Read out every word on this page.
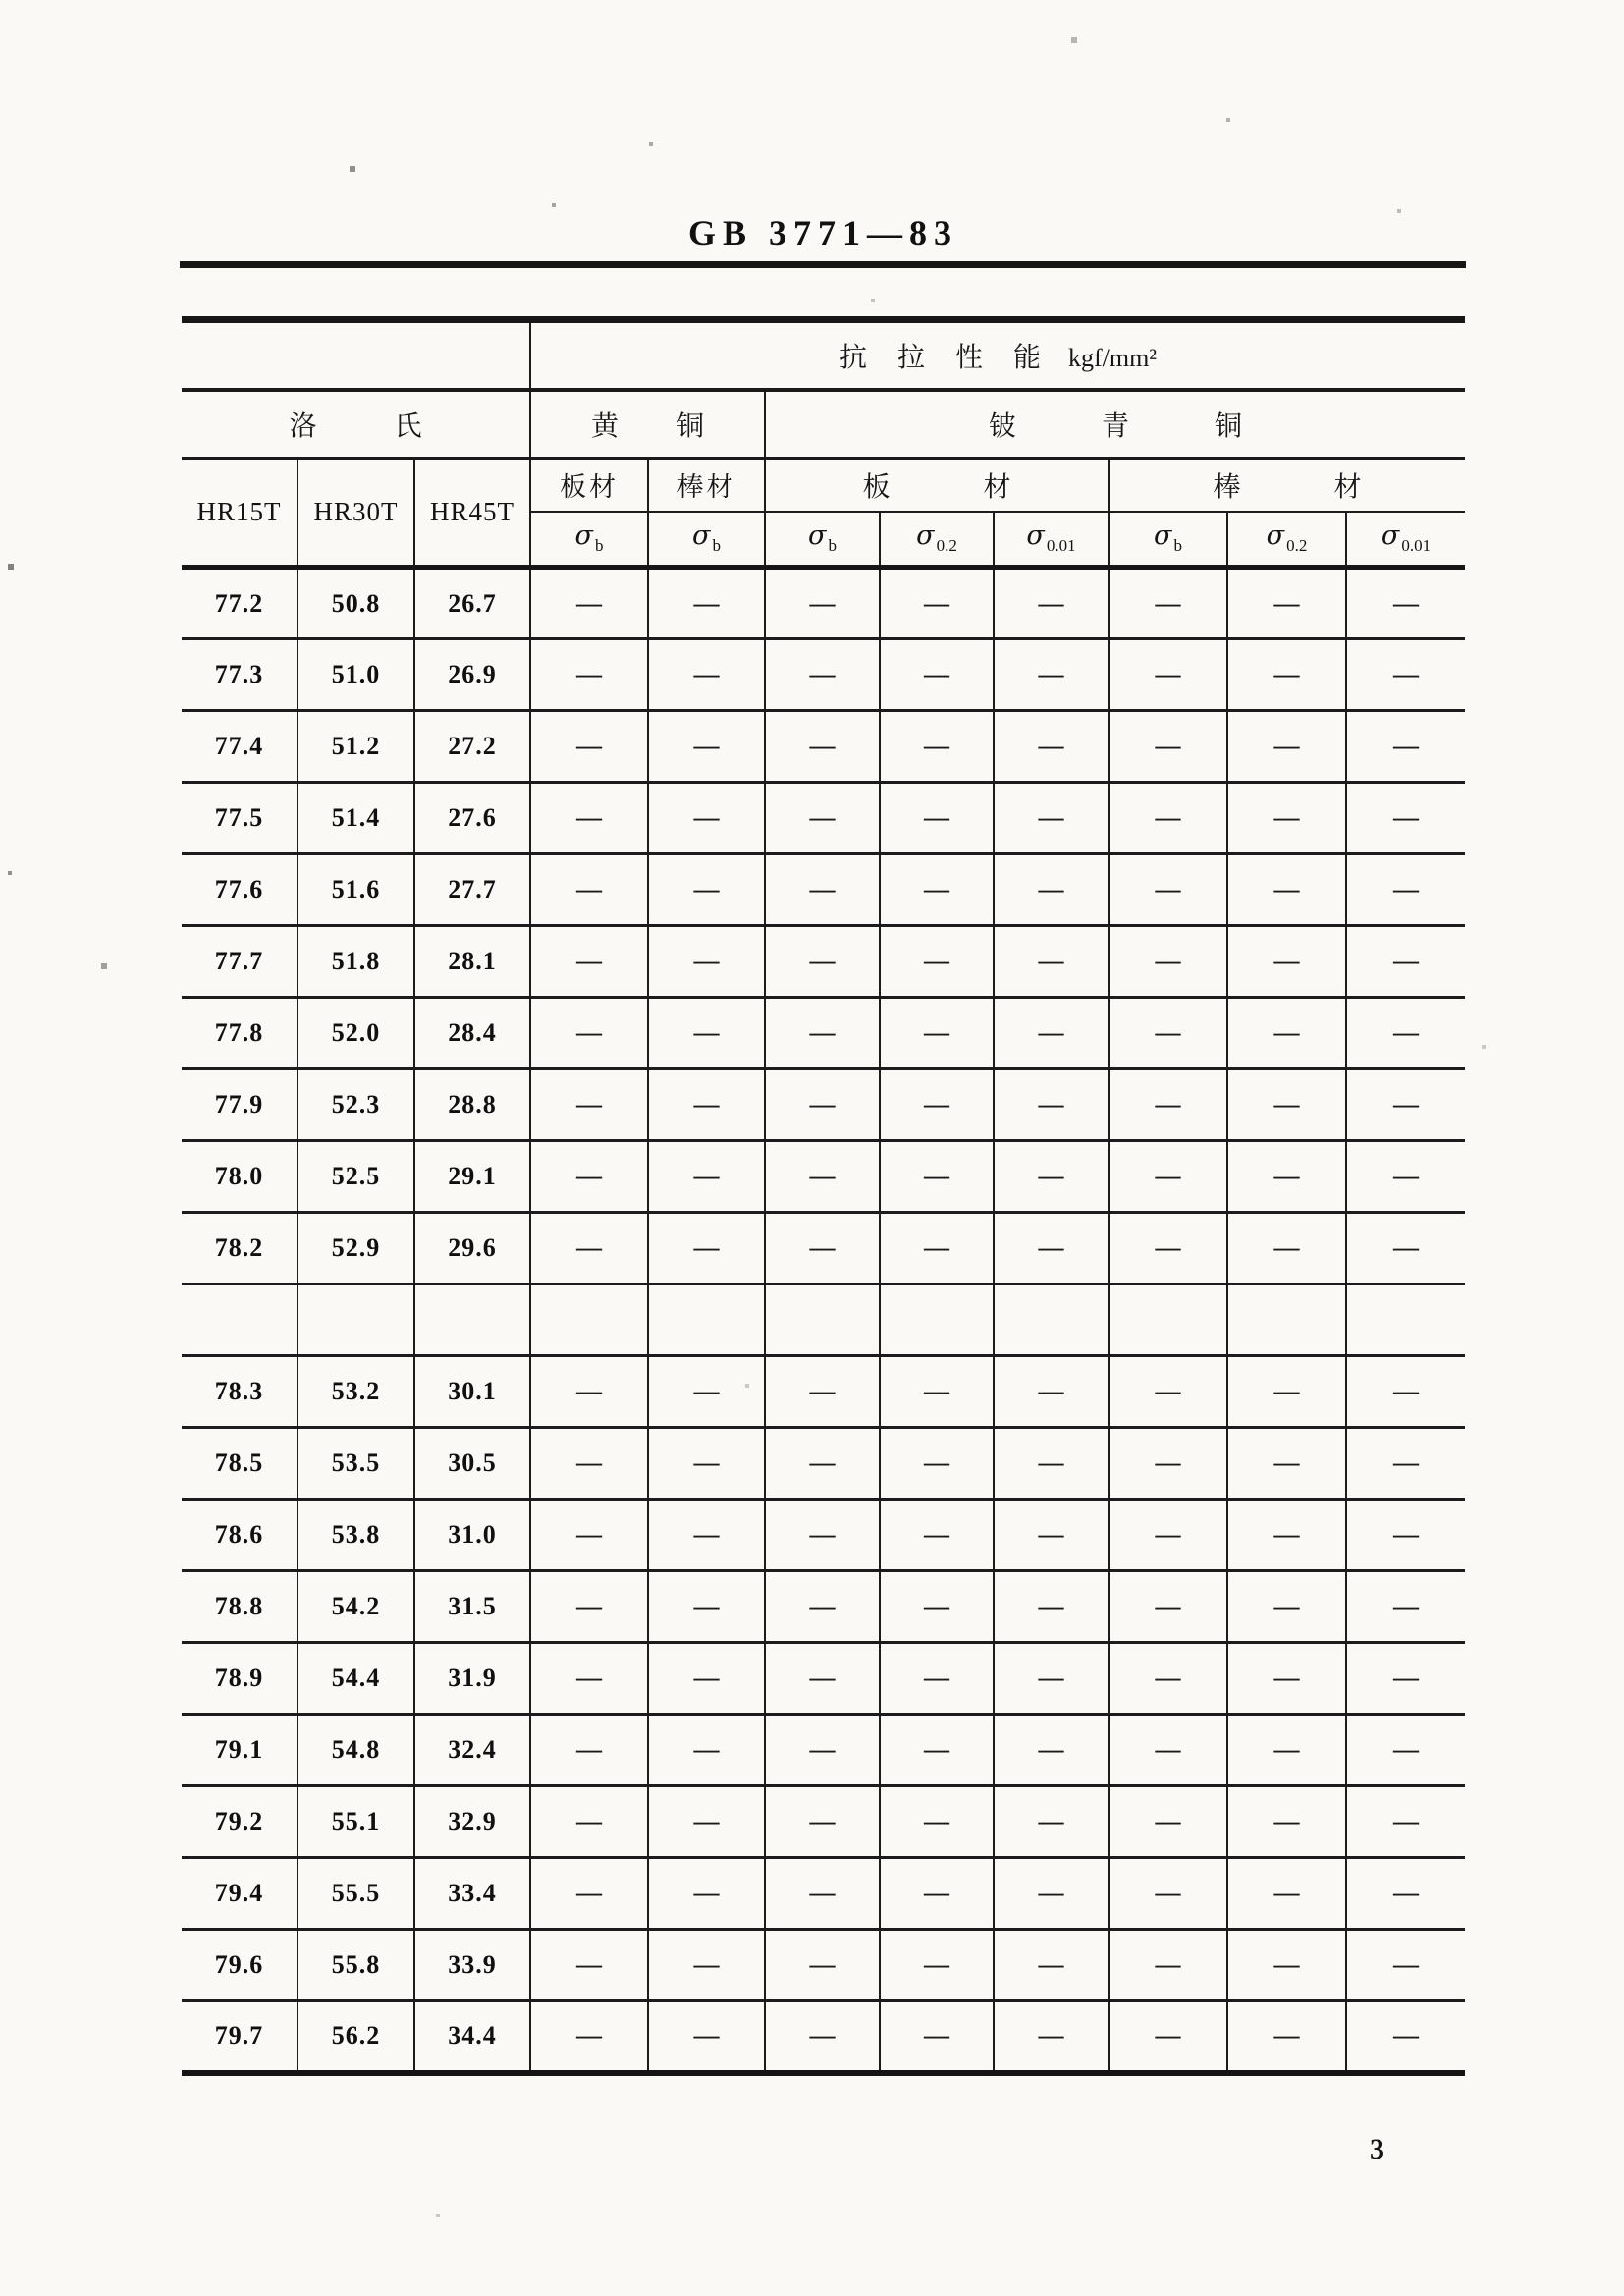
GB 3771—83
			抗 拉 性 能 kgf/mm²							
洛 氏			黄 铜		铍 青 铜					
HR15T	HR30T	HR45T	板材	棒材	板 材			棒 材		
			σ $_b$	σ $_b$	σ $_b$	σ $_{0.2}$	σ $_{0.01}$	σ $_b$	σ $_{0.2}$	σ $_{0.01}$
77.2	50.8	26.7	—	—	—	—	—	—	—	—
77.3	51.0	26.9	—	—	—	—	—	—	—	—
77.4	51.2	27.2	—	—	—	—	—	—	—	—
77.5	51.4	27.6	—	—	—	—	—	—	—	—
77.6	51.6	27.7	—	—	—	—	—	—	—	—
77.7	51.8	28.1	—	—	—	—	—	—	—	—
77.8	52.0	28.4	—	—	—	—	—	—	—	—
77.9	52.3	28.8	—	—	—	—	—	—	—	—
78.0	52.5	29.1	—	—	—	—	—	—	—	—
78.2	52.9	29.6	—	—	—	—	—	—	—	—

78.3	53.2	30.1	—	—	—	—	—	—	—	—
78.5	53.5	30.5	—	—	—	—	—	—	—	—
78.6	53.8	31.0	—	—	—	—	—	—	—	—
78.8	54.2	31.5	—	—	—	—	—	—	—	—
78.9	54.4	31.9	—	—	—	—	—	—	—	—
79.1	54.8	32.4	—	—	—	—	—	—	—	—
79.2	55.1	32.9	—	—	—	—	—	—	—	—
79.4	55.5	33.4	—	—	—	—	—	—	—	—
79.6	55.8	33.9	—	—	—	—	—	—	—	—
79.7	56.2	34.4	—	—	—	—	—	—	—	—
3
